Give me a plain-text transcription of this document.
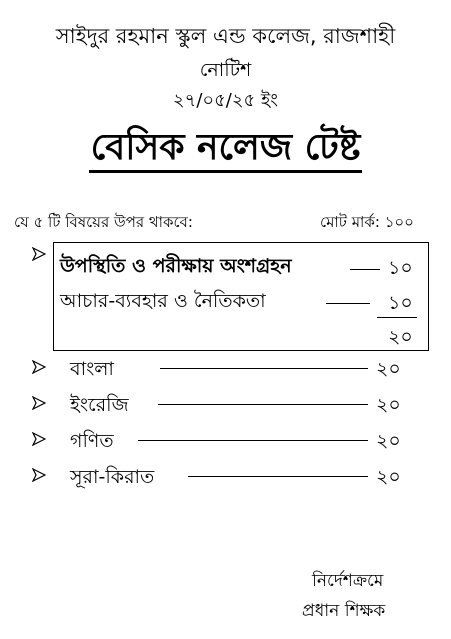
সাইদুর রহমান স্কুল এন্ড কলেজ, রাজশাহী
নোটিশ
২৭/০৫/২৫ ইং
বেসিক নলেজ টেষ্ট
যে ৫ টি বিষয়ের উপর থাকবে:	মোট মার্ক: ১০০
উপস্থিতি ও পরীক্ষায় অংশগ্রহন	১০
আচার-ব্যবহার ও নৈতিকতা	১০
২০
বাংলা	২০
ইংরেজি	২০
গণিত	২০
সূরা-কিরাত	২০
নির্দেশক্রমে
প্রধান শিক্ষক
